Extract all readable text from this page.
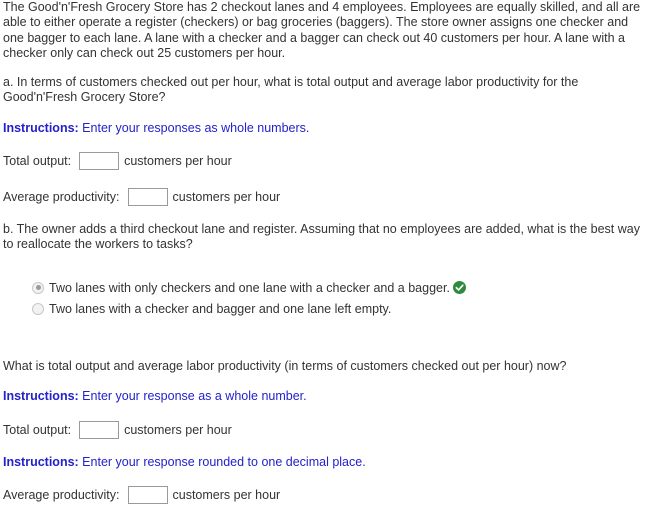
The Good'n'Fresh Grocery Store has 2 checkout lanes and 4 employees. Employees are equally skilled, and all are able to either operate a register (checkers) or bag groceries (baggers). The store owner assigns one checker and one bagger to each lane. A lane with a checker and a bagger can check out 40 customers per hour. A lane with a checker only can check out 25 customers per hour.

a. In terms of customers checked out per hour, what is total output and average labor productivity for the Good'n'Fresh Grocery Store?

Instructions: Enter your responses as whole numbers.
Total output:	customers per hour
Average productivity:	customers per hour

b. The owner adds a third checkout lane and register. Assuming that no employees are added, what is the best way to reallocate the workers to tasks?

Two lanes with only checkers and one lane with a checker and a bagger.
Two lanes with a checker and bagger and one lane left empty.

What is total output and average labor productivity (in terms of customers checked out per hour) now?

Instructions: Enter your response as a whole number.
Total output:	customers per hour
Instructions: Enter your response rounded to one decimal place.
Average productivity:	customers per hour
